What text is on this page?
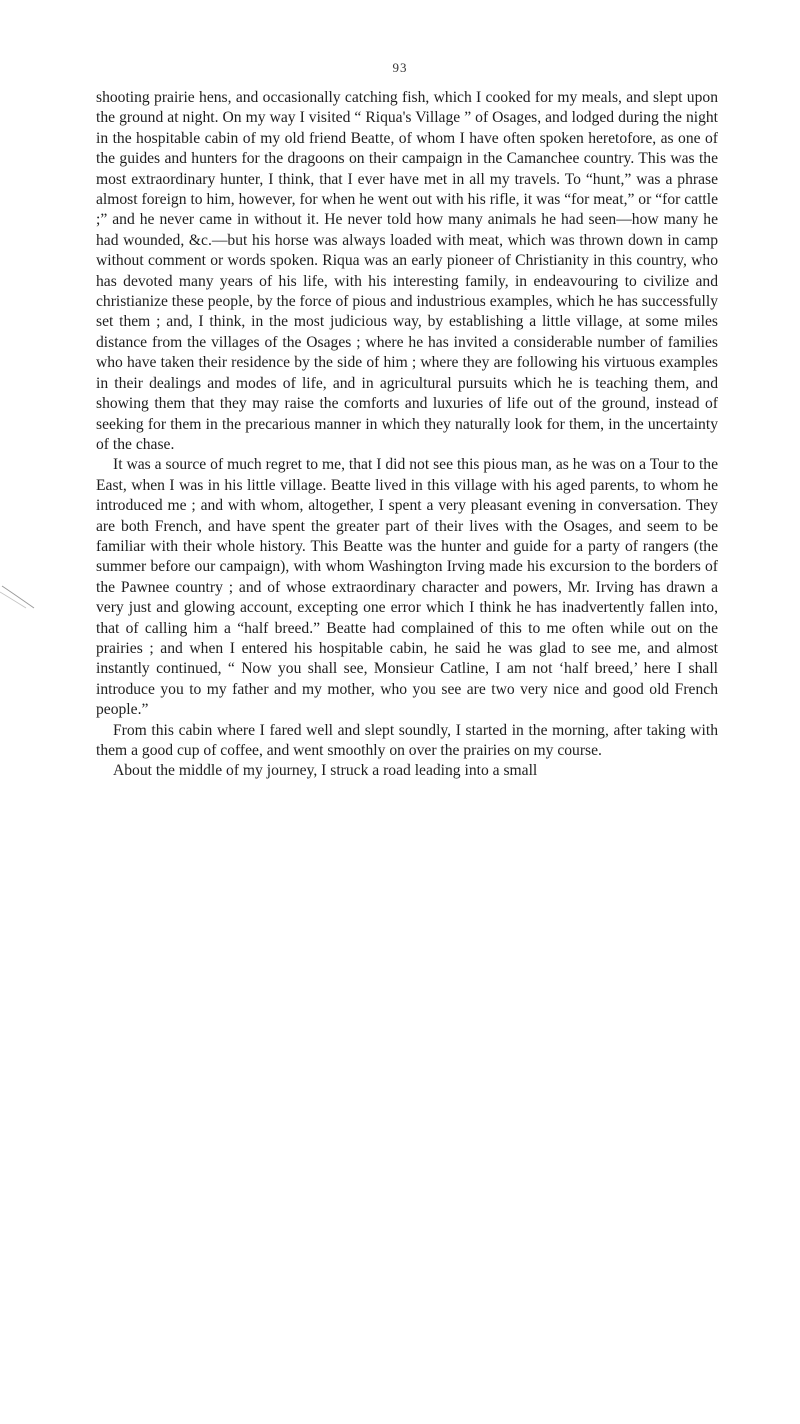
93

shooting prairie hens, and occasionally catching fish, which I cooked for my meals, and slept upon the ground at night. On my way I visited “ Riqua's Village ” of Osages, and lodged during the night in the hospitable cabin of my old friend Beatte, of whom I have often spoken heretofore, as one of the guides and hunters for the dragoons on their campaign in the Camanchee country. This was the most extraordinary hunter, I think, that I ever have met in all my travels. To “hunt,” was a phrase almost foreign to him, however, for when he went out with his rifle, it was “for meat,” or “for cattle ;” and he never came in without it. He never told how many animals he had seen—how many he had wounded, &c.—but his horse was always loaded with meat, which was thrown down in camp without comment or words spoken. Riqua was an early pioneer of Christianity in this country, who has devoted many years of his life, with his interesting family, in endeavouring to civilize and christianize these people, by the force of pious and industrious examples, which he has successfully set them ; and, I think, in the most judicious way, by establishing a little village, at some miles distance from the villages of the Osages ; where he has invited a considerable number of families who have taken their residence by the side of him ; where they are following his virtuous examples in their dealings and modes of life, and in agricultural pursuits which he is teaching them, and showing them that they may raise the comforts and luxuries of life out of the ground, instead of seeking for them in the precarious manner in which they naturally look for them, in the uncertainty of the chase.

It was a source of much regret to me, that I did not see this pious man, as he was on a Tour to the East, when I was in his little village. Beatte lived in this village with his aged parents, to whom he introduced me ; and with whom, altogether, I spent a very pleasant evening in conversation. They are both French, and have spent the greater part of their lives with the Osages, and seem to be familiar with their whole history. This Beatte was the hunter and guide for a party of rangers (the summer before our campaign), with whom Washington Irving made his excursion to the borders of the Pawnee country ; and of whose extraordinary character and powers, Mr. Irving has drawn a very just and glowing account, excepting one error which I think he has inadvertently fallen into, that of calling him a “half breed.” Beatte had complained of this to me often while out on the prairies ; and when I entered his hospitable cabin, he said he was glad to see me, and almost instantly continued, “ Now you shall see, Monsieur Catline, I am not ‘half breed,’ here I shall introduce you to my father and my mother, who you see are two very nice and good old French people.”

From this cabin where I fared well and slept soundly, I started in the morning, after taking with them a good cup of coffee, and went smoothly on over the prairies on my course.

About the middle of my journey, I struck a road leading into a small
